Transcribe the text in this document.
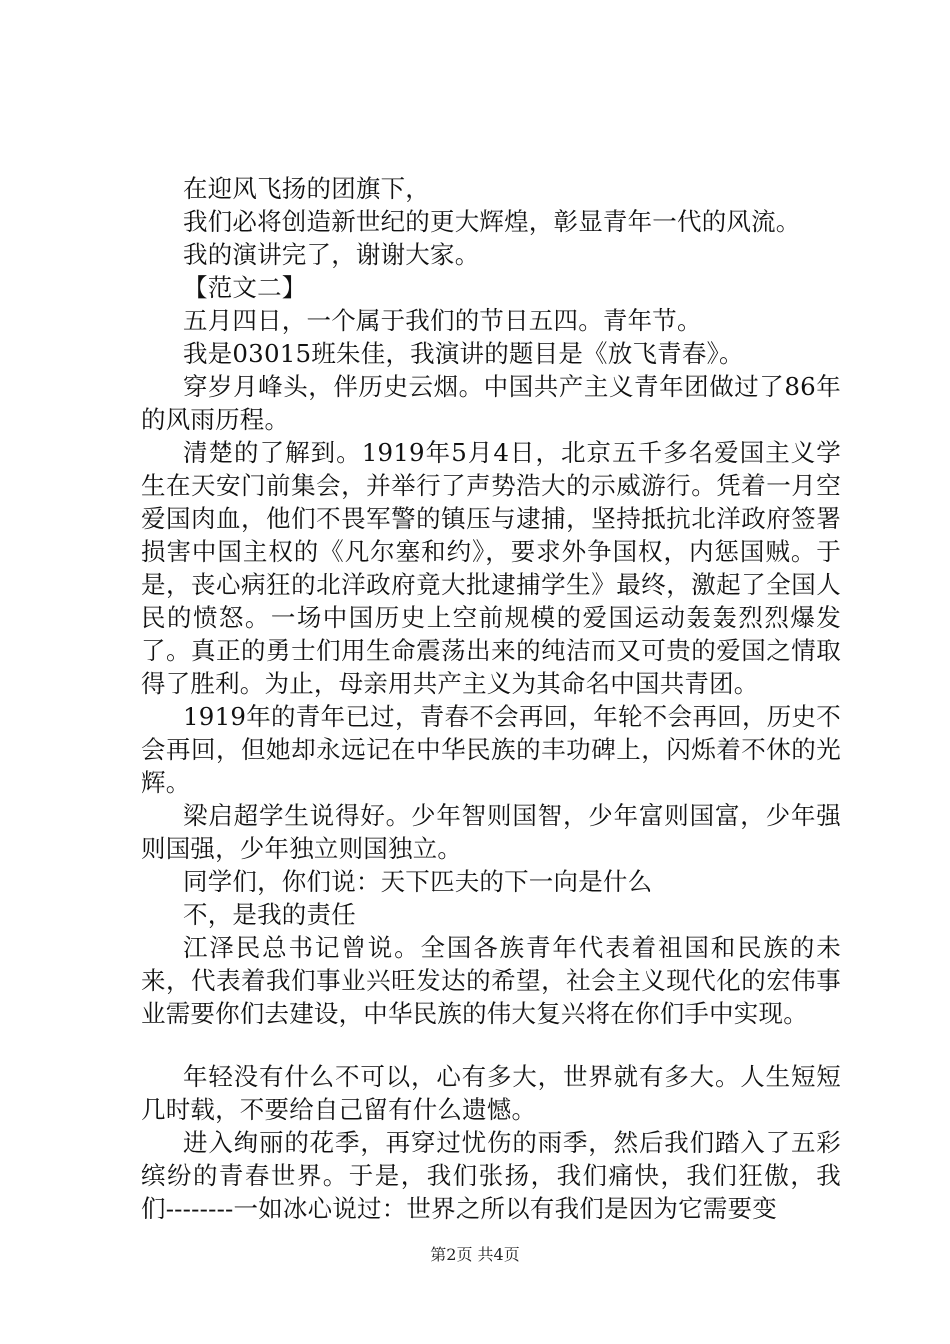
在迎风飞扬的团旗下，

我们必将创造新世纪的更大辉煌，彰显青年一代的风流。

我的演讲完了，谢谢大家。

【范文二】

五月四日，一个属于我们的节日五四。青年节。

我是03015班朱佳，我演讲的题目是《放飞青春》。

穿岁月峰头，伴历史云烟。中国共产主义青年团做过了86年的风雨历程。

清楚的了解到。1919年5月4日，北京五千多名爱国主义学生在天安门前集会，并举行了声势浩大的示威游行。凭着一月空爱国肉血，他们不畏军警的镇压与逮捕，坚持抵抗北洋政府签署损害中国主权的《凡尔塞和约》，要求外争国权，内惩国贼。于是，丧心病狂的北洋政府竟大批逮捕学生》最终，激起了全国人民的愤怒。一场中国历史上空前规模的爱国运动轰轰烈烈爆发了。真正的勇士们用生命震荡出来的纯洁而又可贵的爱国之情取得了胜利。为止，母亲用共产主义为其命名中国共青团。

1919年的青年已过，青春不会再回，年轮不会再回，历史不会再回，但她却永远记在中华民族的丰功碑上，闪烁着不休的光辉。

梁启超学生说得好。少年智则国智，少年富则国富，少年强则国强，少年独立则国独立。

同学们，你们说：天下匹夫的下一向是什么

不，是我的责任

江泽民总书记曾说。全国各族青年代表着祖国和民族的未来，代表着我们事业兴旺发达的希望，社会主义现代化的宏伟事业需要你们去建设，中华民族的伟大复兴将在你们手中实现。

年轻没有什么不可以，心有多大，世界就有多大。人生短短几时载，不要给自己留有什么遗憾。

进入绚丽的花季，再穿过忧伤的雨季，然后我们踏入了五彩缤纷的青春世界。于是，我们张扬，我们痛快，我们狂傲，我们--------一如冰心说过：世界之所以有我们是因为它需要变

第2页 共4页
